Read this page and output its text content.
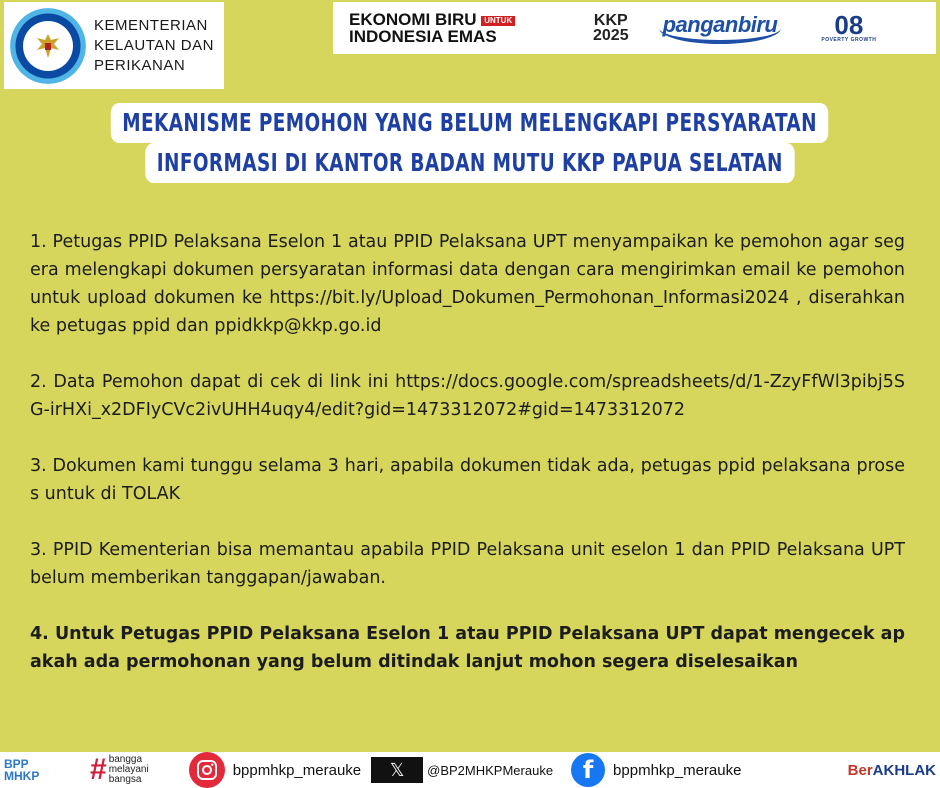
KEMENTERIAN
KELAUTAN DAN
PERIKANAN
EKONOMI BIRU UNTUK
INDONESIA EMAS
KKP
2025 panganbiru	08
POVERTY GROWTH
MEKANISME PEMOHON YANG BELUM MELENGKAPI PERSYARATAN
INFORMASI DI KANTOR BADAN MUTU KKP PAPUA SELATAN

1. Petugas PPID Pelaksana Eselon 1 atau PPID Pelaksana UPT menyampaikan ke pemohon agar segera melengkapi dokumen persyaratan informasi data dengan cara mengirimkan email ke pemohon untuk upload dokumen ke https://bit.ly/Upload_Dokumen_Permohonan_Informasi2024 , diserahkan ke petugas ppid dan ppidkkp@kkp.go.id

2. Data Pemohon dapat di cek di link ini https://docs.google.com/spreadsheets/d/1-ZzyFfWl3pibj5SG-irHXi_x2DFIyCVc2ivUHH4uqy4/edit?gid=1473312072#gid=1473312072

3. Dokumen kami tunggu selama 3 hari, apabila dokumen tidak ada, petugas ppid pelaksana proses untuk di TOLAK

3. PPID Kementerian bisa memantau apabila PPID Pelaksana unit eselon 1 dan PPID Pelaksana UPT belum memberikan tanggapan/jawaban.

4. Untuk Petugas PPID Pelaksana Eselon 1 atau PPID Pelaksana UPT dapat mengecek apakah ada permohonan yang belum ditindak lanjut mohon segera diselesaikan

BPP
MHKP	# bangga
melayani
bangsa
bppmhkp_merauke	𝕏	@BP2MHKPMerauke	f	bppmhkp_merauke	BerAKHLAK
